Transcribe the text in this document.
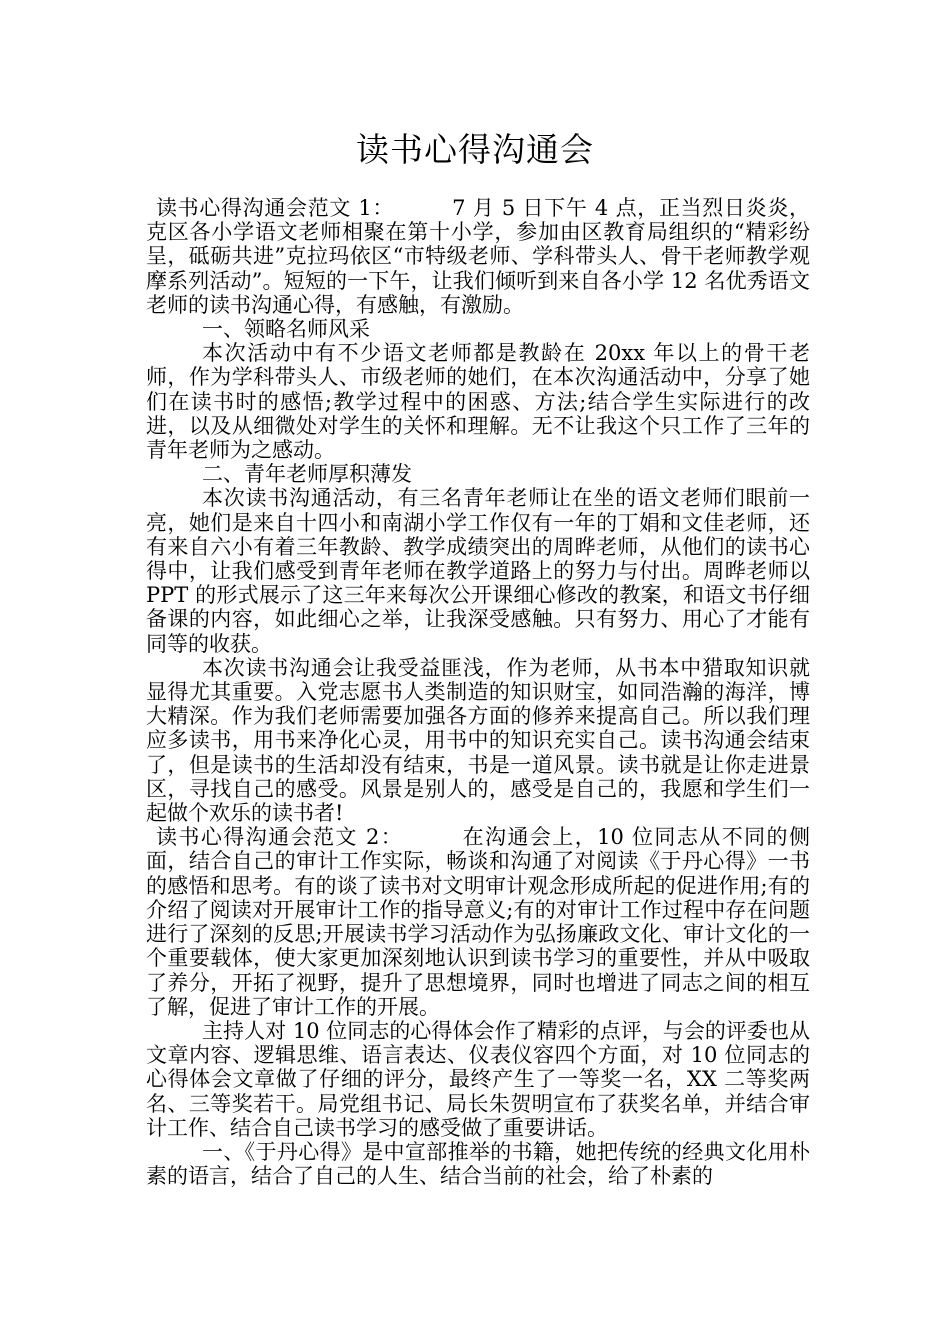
读书心得沟通会

读书心得沟通会范文 1：	7 月 5 日下午 4 点，正当烈日炎炎，克区各小学语文老师相聚在第十小学，参加由区教育局组织的“精彩纷呈，砥砺共进”克拉玛依区“市特级老师、学科带头人、骨干老师教学观摩系列活动”。短短的一下午，让我们倾听到来自各小学 12 名优秀语文老师的读书沟通心得，有感触，有激励。

一、领略名师风采

本次活动中有不少语文老师都是教龄在 20xx 年以上的骨干老师，作为学科带头人、市级老师的她们，在本次沟通活动中，分享了她们在读书时的感悟;教学过程中的困惑、方法;结合学生实际进行的改进，以及从细微处对学生的关怀和理解。无不让我这个只工作了三年的青年老师为之感动。

二、青年老师厚积薄发

本次读书沟通活动，有三名青年老师让在坐的语文老师们眼前一亮，她们是来自十四小和南湖小学工作仅有一年的丁娟和文佳老师，还有来自六小有着三年教龄、教学成绩突出的周晔老师，从他们的读书心得中，让我们感受到青年老师在教学道路上的努力与付出。周晔老师以 PPT 的形式展示了这三年来每次公开课细心修改的教案，和语文书仔细备课的内容，如此细心之举，让我深受感触。只有努力、用心了才能有同等的收获。

本次读书沟通会让我受益匪浅，作为老师，从书本中猎取知识就显得尤其重要。入党志愿书人类制造的知识财宝，如同浩瀚的海洋，博大精深。作为我们老师需要加强各方面的修养来提高自己。所以我们理应多读书，用书来净化心灵，用书中的知识充实自己。读书沟通会结束了，但是读书的生活却没有结束，书是一道风景。读书就是让你走进景区，寻找自己的感受。风景是别人的，感受是自己的，我愿和学生们一起做个欢乐的读书者!

读书心得沟通会范文 2：	在沟通会上，10 位同志从不同的侧面，结合自己的审计工作实际，畅谈和沟通了对阅读《于丹心得》一书的感悟和思考。有的谈了读书对文明审计观念形成所起的促进作用;有的介绍了阅读对开展审计工作的指导意义;有的对审计工作过程中存在问题进行了深刻的反思;开展读书学习活动作为弘扬廉政文化、审计文化的一个重要载体，使大家更加深刻地认识到读书学习的重要性，并从中吸取了养分，开拓了视野，提升了思想境界，同时也增进了同志之间的相互了解，促进了审计工作的开展。

主持人对 10 位同志的心得体会作了精彩的点评，与会的评委也从文章内容、逻辑思维、语言表达、仪表仪容四个方面，对 10 位同志的心得体会文章做了仔细的评分，最终产生了一等奖一名，XX 二等奖两名、三等奖若干。局党组书记、局长朱贺明宣布了获奖名单，并结合审计工作、结合自己读书学习的感受做了重要讲话。

一、《于丹心得》是中宣部推举的书籍，她把传统的经典文化用朴素的语言，结合了自己的人生、结合当前的社会，给了朴素的
